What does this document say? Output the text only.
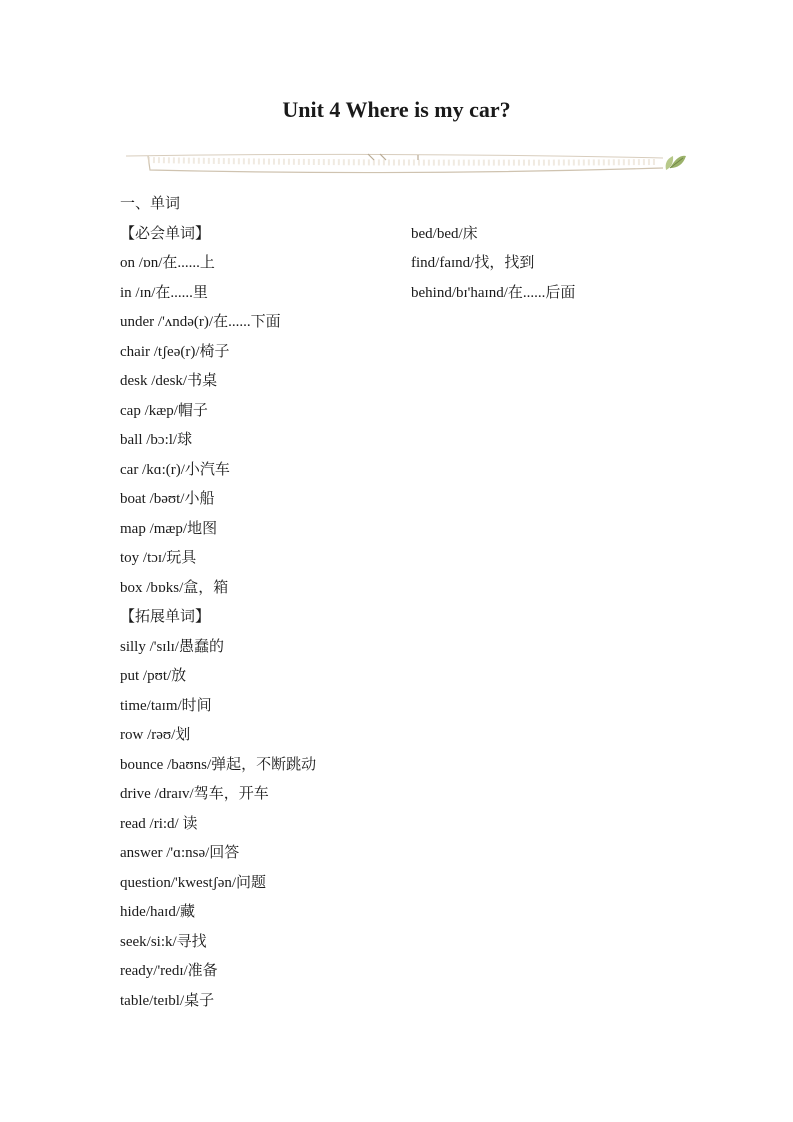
Unit 4 Where is my car?
一、单词
【必会单词】
on /ɒn/在......上
in /ɪn/在......里
under /'ʌndə(r)/在......下面
chair /tʃeə(r)/椅子
desk /desk/书桌
cap /kæp/帽子
ball /bɔ:l/球
car /kɑ:(r)/小汽车
boat /bəʊt/小船
map /mæp/地图
toy /tɔɪ/玩具
box /bɒks/盒，箱
【拓展单词】
silly /'sɪlɪ/愚蠢的
put /pʊt/放
time/taɪm/时间
row /rəʊ/划
bounce /baʊns/弹起，不断跳动
drive /draɪv/驾车，开车
read /ri:d/ 读
answer /'ɑ:nsə/回答
question/'kwestʃən/问题
hide/haɪd/藏
seek/si:k/寻找
ready/'redɪ/准备
table/teɪbl/桌子
bed/bed/床
find/faɪnd/找，找到
behind/bɪ'haɪnd/在......后面
